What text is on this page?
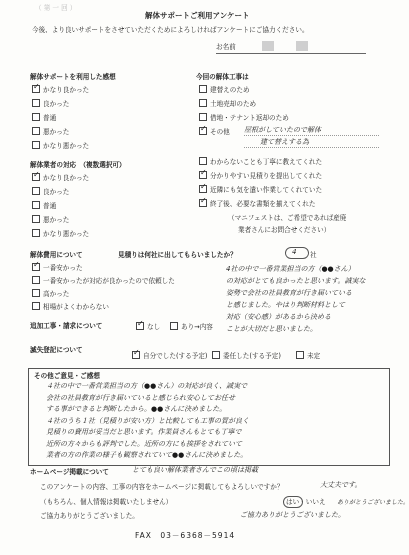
（ 第 一 回 ）
解体サポートご利用アンケート
今後、より良いサポートをさせていただくためによろしければアンケートにご協力ください。
お名前
解体サポートを利用した感想
✓かなり良かった
良かった
普通
悪かった
かなり悪かった
今回の解体工事は
建替えのため
土地売却のため
借地・テナント返却のため
✓その他	屋根がしていたので解体
建て替えする為
解体業者の対応　（複数選択可）
✓かなり良かった
良かった
普通
悪かった
かなり悪かった
わからないことも丁寧に教えてくれた
✓分かりやすい見積りを提出してくれた
✓近隣にも気を遣い作業してくれていた
✓終了後、必要な書類を揃えてくれた
（マニフェストは、ご希望であれば産廃
業者さんにお問合せください）
解体費用について
✓一番安かった
一番安かったが対応が良かったので依頼した
高かった
相場がよくわからない
見積りは何社に出してもらいましたか？	4 社
4社の中で一番営業担当の方（●●さん）
の対応がとても良かったと思います。誠実な
姿勢で会社の社員教育が行き届いている
と感じました。やはり判断材料として
対応（安心感）があるから決める
ことが大切だと思いました。
追加工事・請求について
✓	なし	あり→内容
滅失登記について
✓自分でした(する予定)	委任した(する予定)	未定
その他ご意見・ご感想
４社の中で一番営業担当の方（●●さん）の対応が良く、誠実で
会社の社員教育が行き届いていると感じられ安心してお任せ
する事ができると判断したから。●●さんに決めました。
４社のうち１社（見積りが安い方）と比較しても工事の質が良く
見積りの費用が妥当だと思います。作業員さんもとても丁寧で
近所の方々からも評判でした。近所の方にも挨拶をされていて
業者の方の作業の様子も観察されていて●●さんに決めました。
ホームページ掲載について	とても良い解体業者さんでこの頃は掲載
このアンケートの内容、工事の内容をホームページに掲載してもよろしいですか？	大丈夫です。
（もちろん、個人情報は掲載いたしません）	はい・いいえ ありがとうございました。
ご協力ありがとうございました。
ご協力ありがとうございました。
FAX　03－6368－5914
